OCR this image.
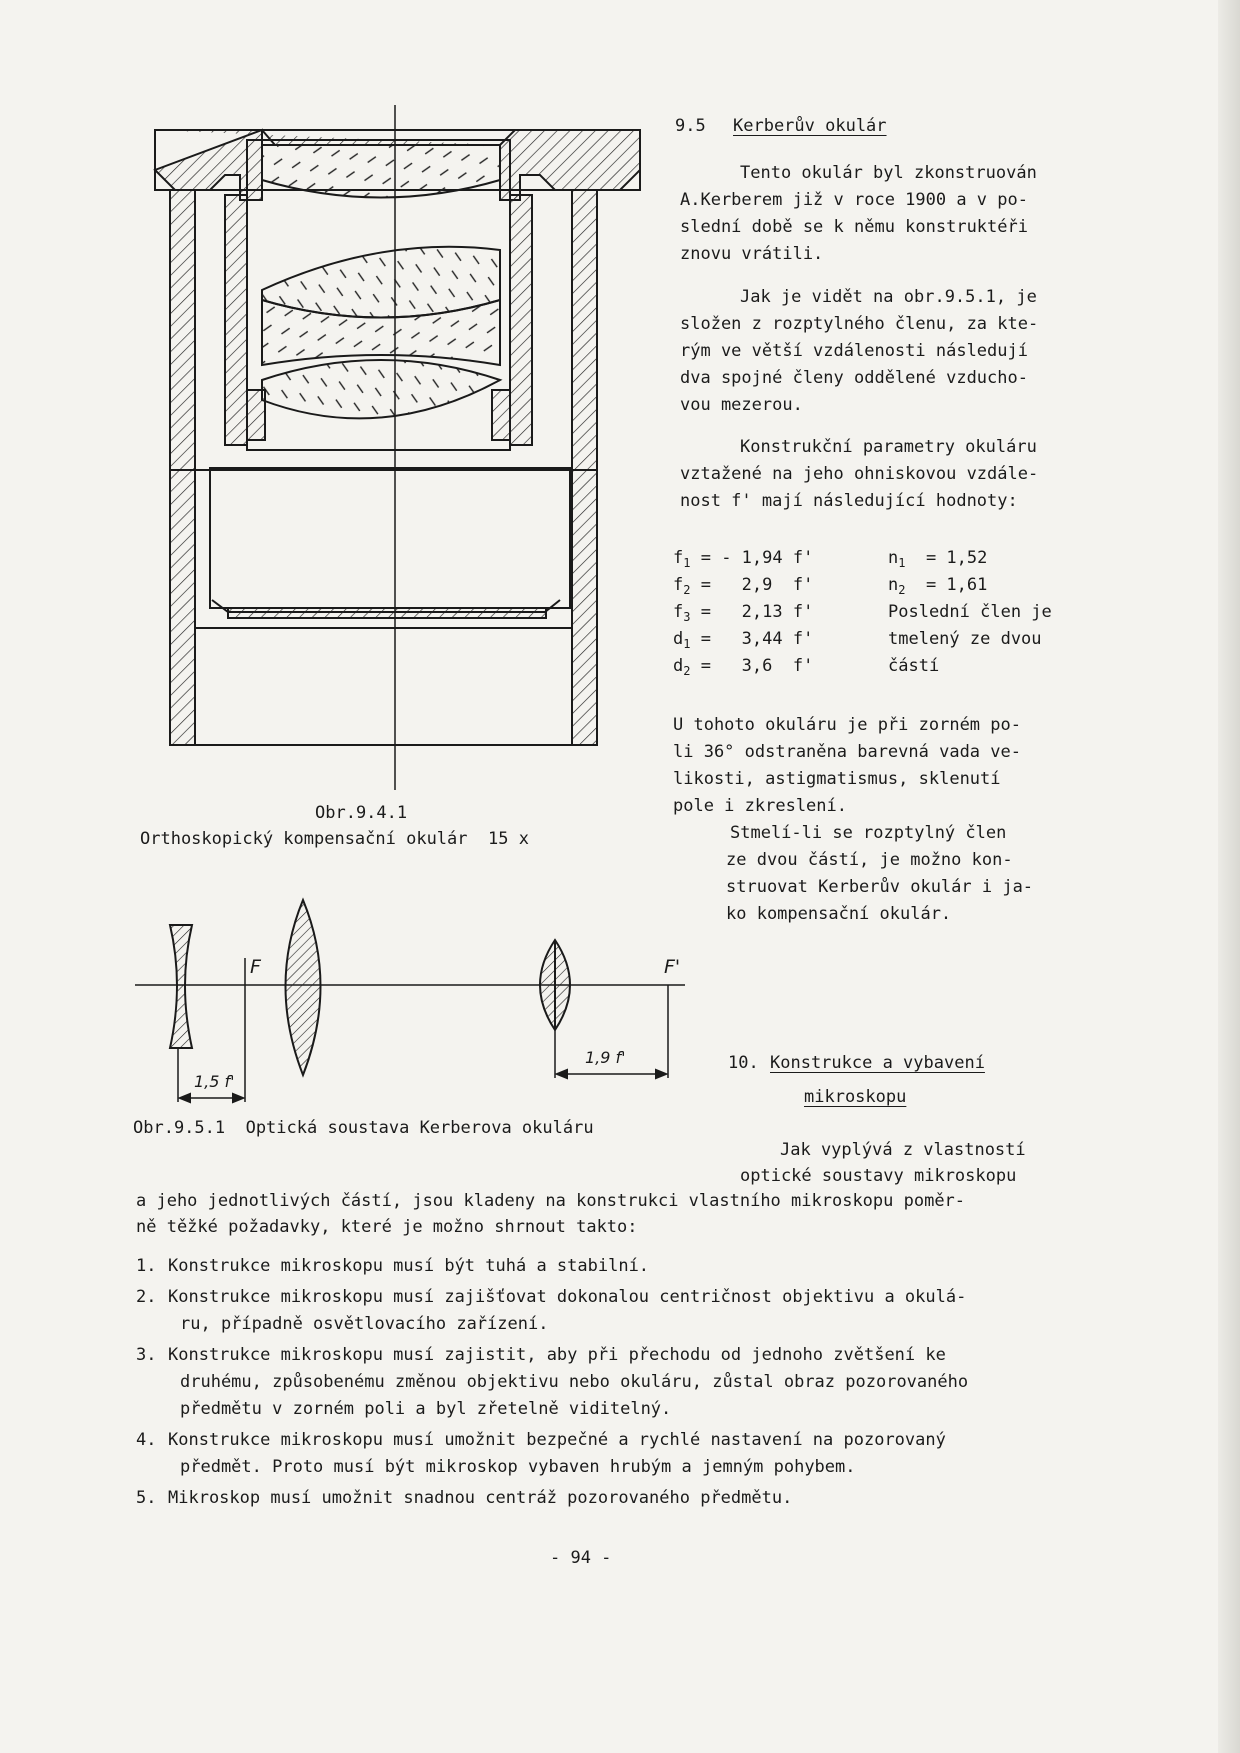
Obr.9.4.1
Orthoskopický kompensační okulár  15 x
F	F'
1,5 f'
1,9 f'
Obr.9.5.1  Optická soustava Kerberova okuláru
9.5 Kerberův okulár
Tento okulár byl zkonstruován
A.Kerberem již v roce 1900 a v po-
slední době se k němu konstruktéři
znovu vrátili.
Jak je vidět na obr.9.5.1, je
složen z rozptylného členu, za kte-
rým ve větší vzdálenosti následují
dva spojné členy oddělené vzducho-
vou mezerou.
Konstrukční parametry okuláru
vztažené na jeho ohniskovou vzdále-
nost f' mají následující hodnoty:
$f_1$ = - 1,94 f'
$f_2 = 2,9$  f'
$f_3 = 2,13$ f'
$d_1 = 3,44$ f'
$d_2 = 3,6$  f'
$n_1 = 1,52$
$n_2 = 1,61$
Poslední člen je
tmelený ze dvou
částí
U tohoto okuláru je při zorném po-
li 36° odstraněna barevná vada ve-
likosti, astigmatismus, sklenutí
pole i zkreslení.
Stmelí-li se rozptylný člen
ze dvou částí, je možno kon-
struovat Kerberův okulár i ja-
ko kompensační okulár.
10. Konstrukce a vybavení
mikroskopu
Jak vyplývá z vlastností
optické soustavy mikroskopu
a jeho jednotlivých částí, jsou kladeny na konstrukci vlastního mikroskopu poměr-
ně těžké požadavky, které je možno shrnout takto:
1. Konstrukce mikroskopu musí být tuhá a stabilní.
2. Konstrukce mikroskopu musí zajišťovat dokonalou centričnost objektivu a okulá-
ru, případně osvětlovacího zařízení.
3. Konstrukce mikroskopu musí zajistit, aby při přechodu od jednoho zvětšení ke
druhému, způsobenému změnou objektivu nebo okuláru, zůstal obraz pozorovaného
předmětu v zorném poli a byl zřetelně viditelný.
4. Konstrukce mikroskopu musí umožnit bezpečné a rychlé nastavení na pozorovaný
předmět. Proto musí být mikroskop vybaven hrubým a jemným pohybem.
5. Mikroskop musí umožnit snadnou centráž pozorovaného předmětu.
- 94 -
